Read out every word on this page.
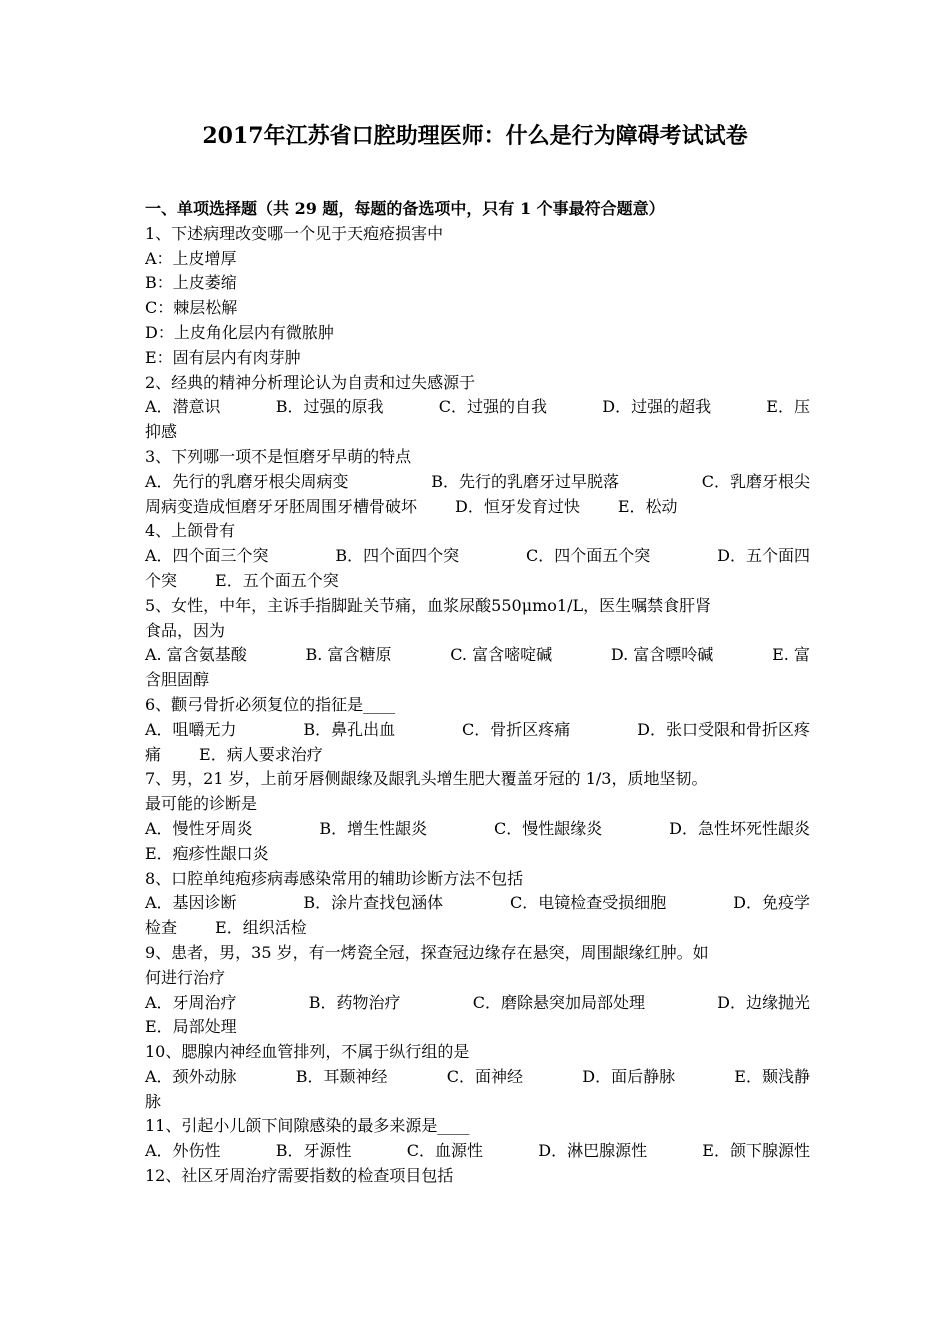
2017年江苏省口腔助理医师：什么是行为障碍考试试卷
一、单项选择题（共 29 题，每题的备选项中，只有 1 个事最符合题意）
1、下述病理改变哪一个见于天疱疮损害中
A：上皮增厚
B：上皮萎缩
C：棘层松解
D：上皮角化层内有微脓肿
E：固有层内有肉芽肿
2、经典的精神分析理论认为自责和过失感源于
A．潜意识	B．过强的原我	C．过强的自我	D．过强的超我	E．压
抑感
3、下列哪一项不是恒磨牙早萌的特点
A．先行的乳磨牙根尖周病变	B．先行的乳磨牙过早脱落	C．乳磨牙根尖
周病变造成恒磨牙牙胚周围牙槽骨破坏 D．恒牙发育过快 E．松动
4、上颌骨有
A．四个面三个突	B．四个面四个突	C．四个面五个突	D．五个面四
个突 E．五个面五个突
5、女性，中年，主诉手指脚趾关节痛，血浆尿酸550μmo1/L，医生嘱禁食肝肾
食品，因为
A. 富含氨基酸	B. 富含糖原	C. 富含嘧啶碱	D. 富含嘌呤碱	E. 富
含胆固醇
6、颧弓骨折必须复位的指征是____
A．咀嚼无力	B．鼻孔出血	C．骨折区疼痛	D．张口受限和骨折区疼
痛 E．病人要求治疗
7、男，21 岁，上前牙唇侧龈缘及龈乳头增生肥大覆盖牙冠的 1/3，质地坚韧。
最可能的诊断是
A．慢性牙周炎	B．增生性龈炎	C．慢性龈缘炎	D．急性坏死性龈炎
E．疱疹性龈口炎
8、口腔单纯疱疹病毒感染常用的辅助诊断方法不包括
A．基因诊断	B．涂片查找包涵体	C．电镜检查受损细胞	D．免疫学
检查 E．组织活检
9、患者，男，35 岁，有一烤瓷全冠，探查冠边缘存在悬突，周围龈缘红肿。如
何进行治疗
A．牙周治疗	B．药物治疗	C．磨除悬突加局部处理	D．边缘抛光
E．局部处理
10、腮腺内神经血管排列，不属于纵行组的是
A．颈外动脉	B．耳颞神经	C．面神经	D．面后静脉	E．颞浅静
脉
11、引起小儿颌下间隙感染的最多来源是____
A．外伤性	B．牙源性	C．血源性	D．淋巴腺源性	E．颌下腺源性
12、社区牙周治疗需要指数的检查项目包括
